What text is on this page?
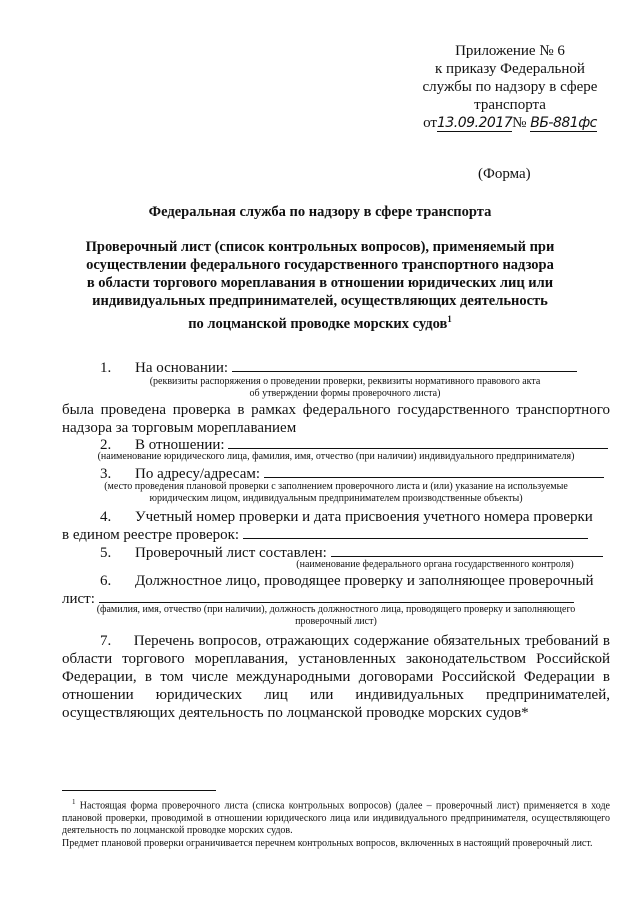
Приложение № 6
к приказу Федеральной
службы по надзору в сфере
транспорта
от13.09.2017№ ВБ-881фс
(Форма)
Федеральная служба по надзору в сфере транспорта
Проверочный лист (список контрольных вопросов), применяемый при
осуществлении федерального государственного транспортного надзора
в области торгового мореплавания в отношении юридических лиц или
индивидуальных предпринимателей, осуществляющих деятельность
по лоцманской проводке морских судов$^1$
1. На основании:
(реквизиты распоряжения о проведении проверки, реквизиты нормативного правового акта
об утверждении формы проверочного листа)
была проведена проверка в рамках федерального государственного транспортного
надзора за торговым мореплаванием
2. В отношении:
(наименование юридического лица, фамилия, имя, отчество (при наличии) индивидуального предпринимателя)
3. По адресу/адресам:
(место проведения плановой проверки с заполнением проверочного листа и (или) указание на используемые
юридическим лицом, индивидуальным предпринимателем производственные объекты)
4. Учетный номер проверки и дата присвоения учетного номера проверки
в едином реестре проверок:
5. Проверочный лист составлен:
(наименование федерального органа государственного контроля)
6. Должностное лицо, проводящее проверку и заполняющее проверочный
лист:
(фамилия, имя, отчество (при наличии), должность должностного лица, проводящего проверку и заполняющего
проверочный лист)
7. Перечень вопросов, отражающих содержание обязательных требований в области торгового мореплавания, установленных законодательством Российской Федерации, в том числе международными договорами Российской Федерации в отношении юридических лиц или индивидуальных предпринимателей, осуществляющих деятельность по лоцманской проводке морских судов*
$^1$ Настоящая форма проверочного листа (списка контрольных вопросов) (далее – проверочный лист) применяется в ходе плановой проверки, проводимой в отношении юридического лица или индивидуального предпринимателя, осуществляющего деятельность по лоцманской проводке морских судов.
Предмет плановой проверки ограничивается перечнем контрольных вопросов, включенных в настоящий проверочный лист.
